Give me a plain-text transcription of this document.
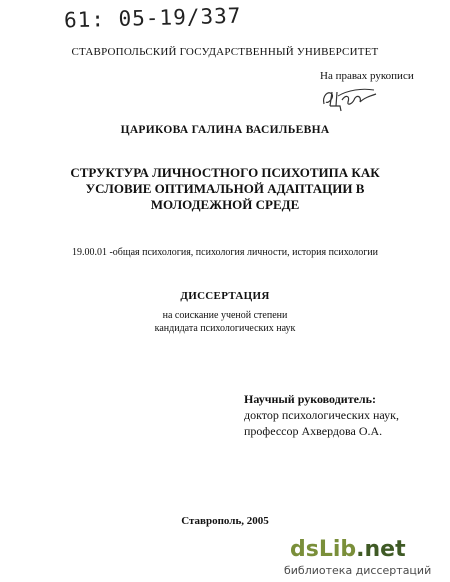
61: 05-19/337
СТАВРОПОЛЬСКИЙ ГОСУДАРСТВЕННЫЙ УНИВЕРСИТЕТ
На правах рукописи
ЦАРИКОВА ГАЛИНА ВАСИЛЬЕВНА
СТРУКТУРА ЛИЧНОСТНОГО ПСИХОТИПА КАК
УСЛОВИЕ ОПТИМАЛЬНОЙ АДАПТАЦИИ В
МОЛОДЕЖНОЙ СРЕДЕ
19.00.01 -общая психология, психология личности, история психологии
ДИССЕРТАЦИЯ
на соискание ученой степени
кандидата психологических наук
Научный руководитель:
доктор психологических наук,
профессор Ахвердова О.А.
Ставрополь, 2005
dsLib.net
библиотека диссертаций
